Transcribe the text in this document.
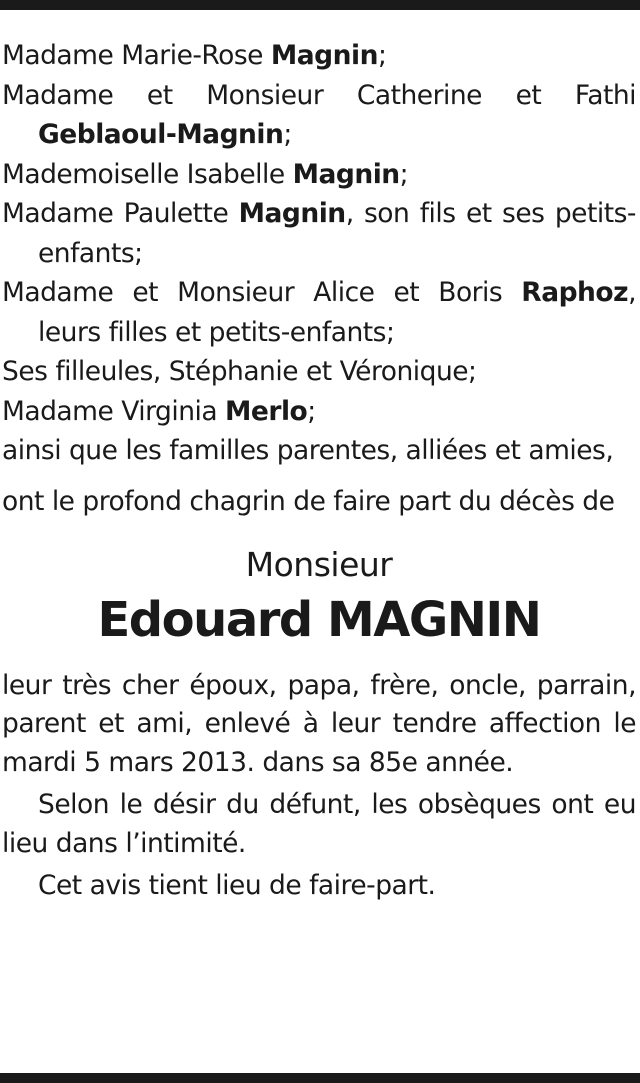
Madame Marie-Rose Magnin;
Madame et Monsieur Catherine et Fathi Geblaoul-Magnin;
Mademoiselle Isabelle Magnin;
Madame Paulette Magnin, son fils et ses petits-enfants;
Madame et Monsieur Alice et Boris Raphoz, leurs filles et petits-enfants;
Ses filleules, Stéphanie et Véronique;
Madame Virginia Merlo;
ainsi que les familles parentes, alliées et amies,
ont le profond chagrin de faire part du décès de
Monsieur
Edouard MAGNIN

leur très cher époux, papa, frère, oncle, parrain, parent et ami, enlevé à leur tendre affection le mardi 5 mars 2013. dans sa 85e année.

Selon le désir du défunt, les obsèques ont eu lieu dans l’intimité.

Cet avis tient lieu de faire-part.
